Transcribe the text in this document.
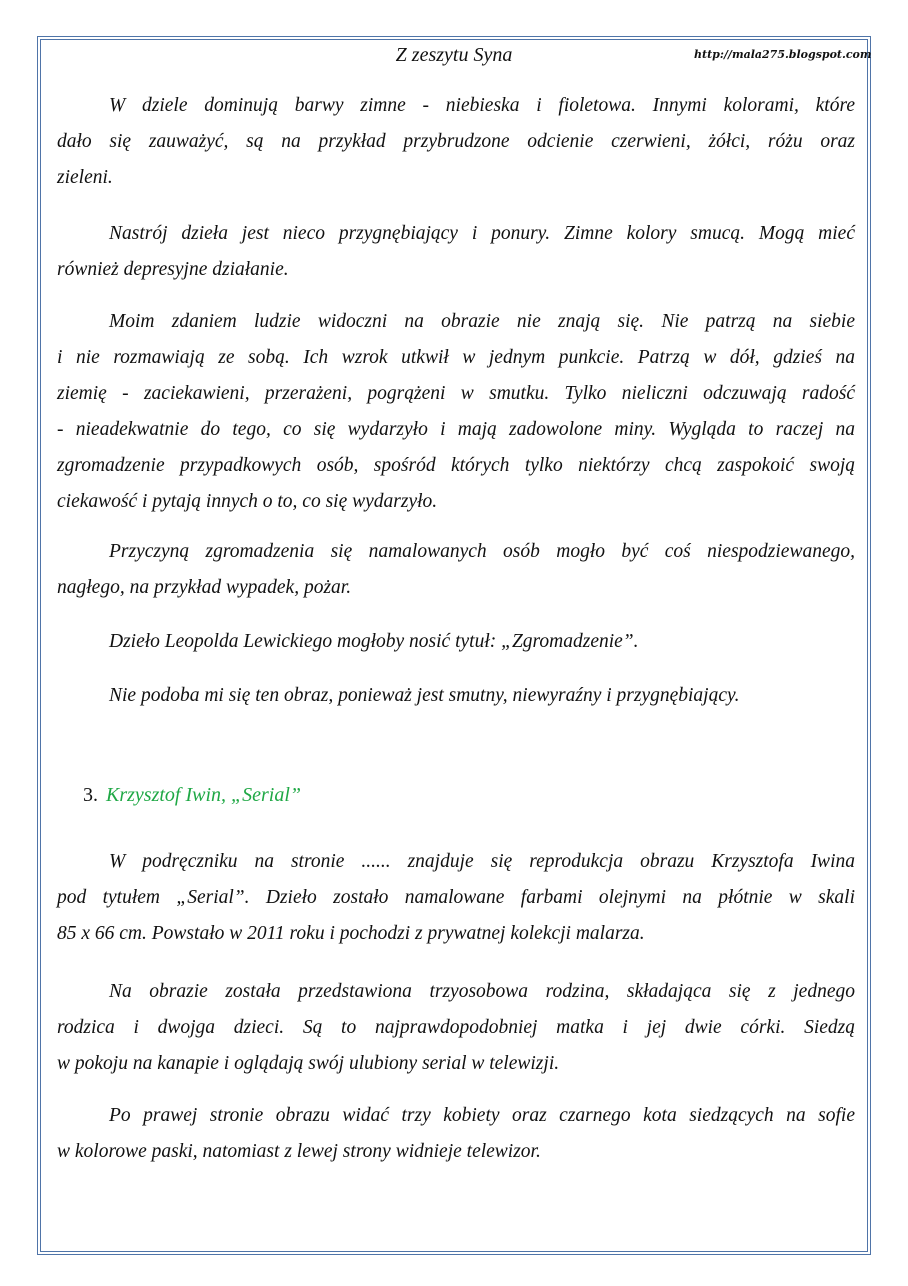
Z zeszytu Syna	http://mala275.blogspot.com
3. Krzysztof Iwin, „Serial”
W dziele dominują barwy zimne - niebieska i fioletowa. Innymi kolorami, które
dało się zauważyć, są na przykład przybrudzone odcienie czerwieni, żółci, różu oraz
zieleni.
Nastrój dzieła jest nieco przygnębiający i ponury. Zimne kolory smucą. Mogą mieć
również depresyjne działanie.
Moim zdaniem ludzie widoczni na obrazie nie znają się. Nie patrzą na siebie
i nie rozmawiają ze sobą. Ich wzrok utkwił w jednym punkcie. Patrzą w dół, gdzieś na
ziemię - zaciekawieni, przerażeni, pogrążeni w smutku. Tylko nieliczni odczuwają radość
- nieadekwatnie do tego, co się wydarzyło i mają zadowolone miny. Wygląda to raczej na
zgromadzenie przypadkowych osób, spośród których tylko niektórzy chcą zaspokoić swoją
ciekawość i pytają innych o to, co się wydarzyło.
Przyczyną zgromadzenia się namalowanych osób mogło być coś niespodziewanego,
nagłego, na przykład wypadek, pożar.
Dzieło Leopolda Lewickiego mogłoby nosić tytuł: „Zgromadzenie”.
Nie podoba mi się ten obraz, ponieważ jest smutny, niewyraźny i przygnębiający.
W podręczniku na stronie ...... znajduje się reprodukcja obrazu Krzysztofa Iwina
pod tytułem „Serial”. Dzieło zostało namalowane farbami olejnymi na płótnie w skali
85 x 66 cm. Powstało w 2011 roku i pochodzi z prywatnej kolekcji malarza.
Na obrazie została przedstawiona trzyosobowa rodzina, składająca się z jednego
rodzica i dwojga dzieci. Są to najprawdopodobniej matka i jej dwie córki. Siedzą
w pokoju na kanapie i oglądają swój ulubiony serial w telewizji.
Po prawej stronie obrazu widać trzy kobiety oraz czarnego kota siedzących na sofie
w kolorowe paski, natomiast z lewej strony widnieje telewizor.
